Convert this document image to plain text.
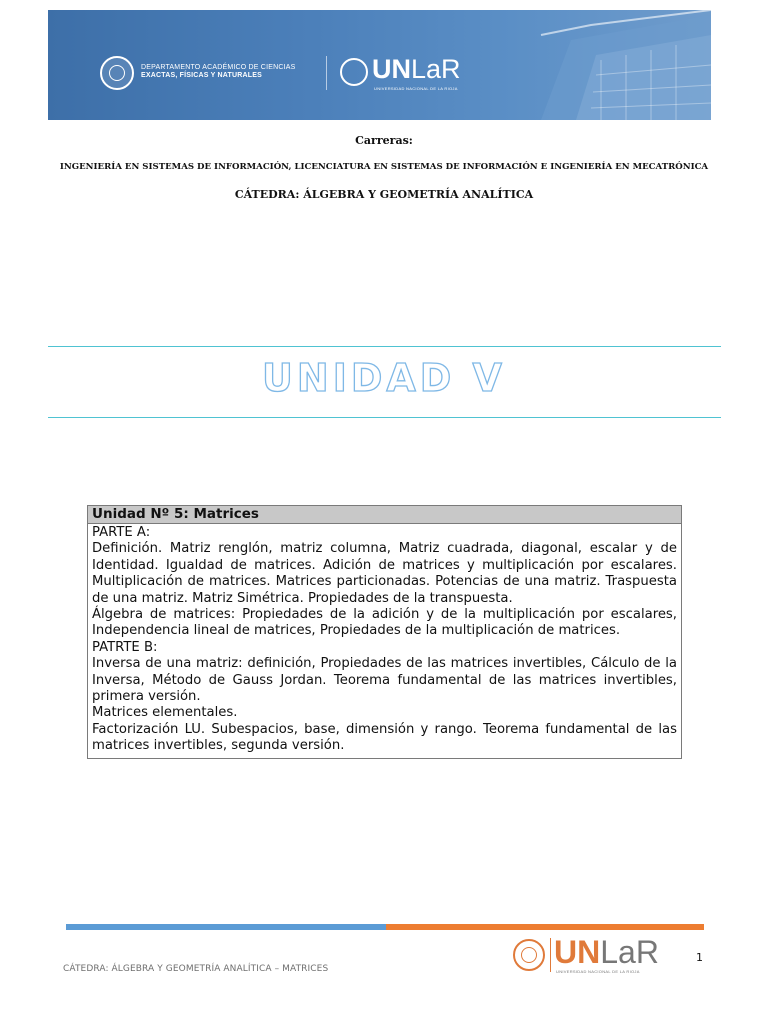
DEPARTAMENTO ACADÉMICO DE CIENCIAS
EXACTAS, FÍSICAS Y NATURALES	UNLaR
UNIVERSIDAD NACIONAL DE LA RIOJA
Carreras:
INGENIERÍA EN SISTEMAS DE INFORMACIÓN, LICENCIATURA EN SISTEMAS DE INFORMACIÓN E INGENIERÍA EN MECATRÓNICA
CÁTEDRA: ÁLGEBRA Y GEOMETRÍA ANALÍTICA
UNIDAD V
Unidad Nº 5: Matrices

PARTE A:

Definición. Matriz renglón, matriz columna, Matriz cuadrada, diagonal, escalar y de Identidad. Igualdad de matrices. Adición de matrices y multiplicación por escalares. Multiplicación de matrices. Matrices particionadas. Potencias de una matriz. Traspuesta de una matriz. Matriz Simétrica. Propiedades de la transpuesta.

Álgebra de matrices: Propiedades de la adición y de la multiplicación por escalares, Independencia lineal de matrices, Propiedades de la multiplicación de matrices.

PATRTE B:

Inversa de una matriz: definición, Propiedades de las matrices invertibles, Cálculo de la Inversa, Método de Gauss Jordan. Teorema fundamental de las matrices invertibles, primera versión.

Matrices elementales.

Factorización LU. Subespacios, base, dimensión y rango. Teorema fundamental de las matrices invertibles, segunda versión.

CÁTEDRA: ÁLGEBRA Y GEOMETRÍA ANALÍTICA – MATRICES	UNLaR
UNIVERSIDAD NACIONAL DE LA RIOJA
1
